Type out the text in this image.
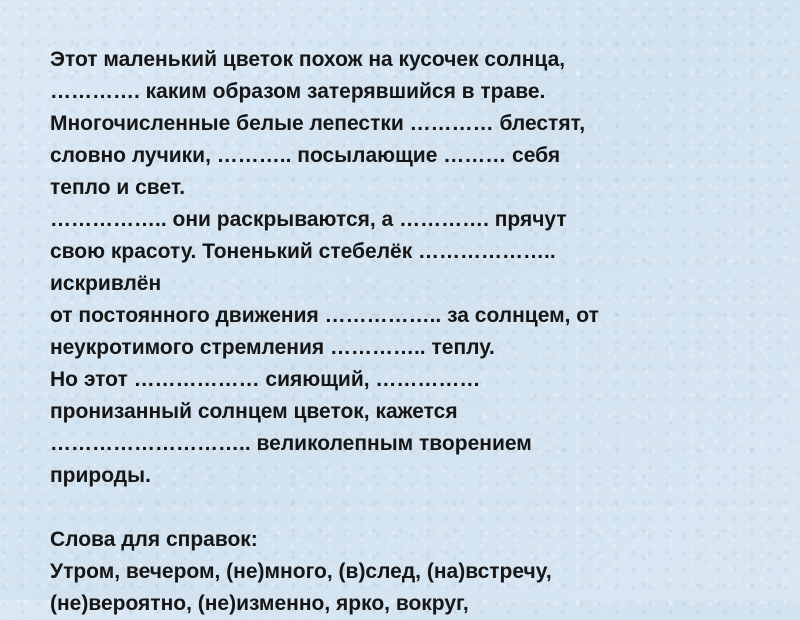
Этот маленький цветок похож на кусочек солнца,
…………. каким образом затерявшийся в траве.
Многочисленные белые лепестки ………… блестят,
словно лучики, ……….. посылающие ……… себя
тепло и свет.
…………….. они раскрываются, а …………. прячут
свою красоту. Тоненький стебелёк ………………..
искривлён
от постоянного движения …………….. за солнцем, от
неукротимого стремления ………….. теплу.
Но этот ……………… сияющий, ……………
пронизанный солнцем цветок, кажется
……………………….. великолепным творением
природы.
Слова для справок:
Утром, вечером, (не)много, (в)след, (на)встречу,
(не)вероятно, (не)изменно, ярко, вокруг,
